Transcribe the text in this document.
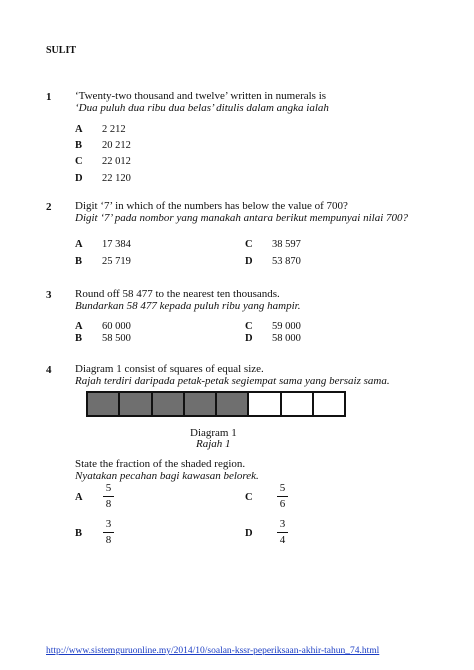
SULIT
1 ‘Twenty-two thousand and twelve’ written in numerals is
‘Dua puluh dua ribu dua belas’ ditulis dalam angka ialah
A 2 212
B 20 212
C 22 012
D 22 120
2 Digit ‘7’ in which of the numbers has below the value of 700?
Digit ‘7’ pada nombor yang manakah antara berikut mempunyai nilai 700?
A 17 384
B 25 719
C 38 597
D 53 870
3 Round off 58 477 to the nearest ten thousands.
Bundarkan 58 477 kepada puluh ribu yang hampir.
A 60 000
B 58 500
C 59 000
D 58 000
4 Diagram 1 consist of squares of equal size.
Rajah terdiri daripada petak-petak segiempat sama yang bersaiz sama.
Diagram 1
Rajah 1
State the fraction of the shaded region.
Nyatakan pecahan bagi kawasan belorek.
A
5
8
C
5
6
B
3
8
D
3
4
http://www.sistemguruonline.my/2014/10/soalan-kssr-peperiksaan-akhir-tahun_74.html
